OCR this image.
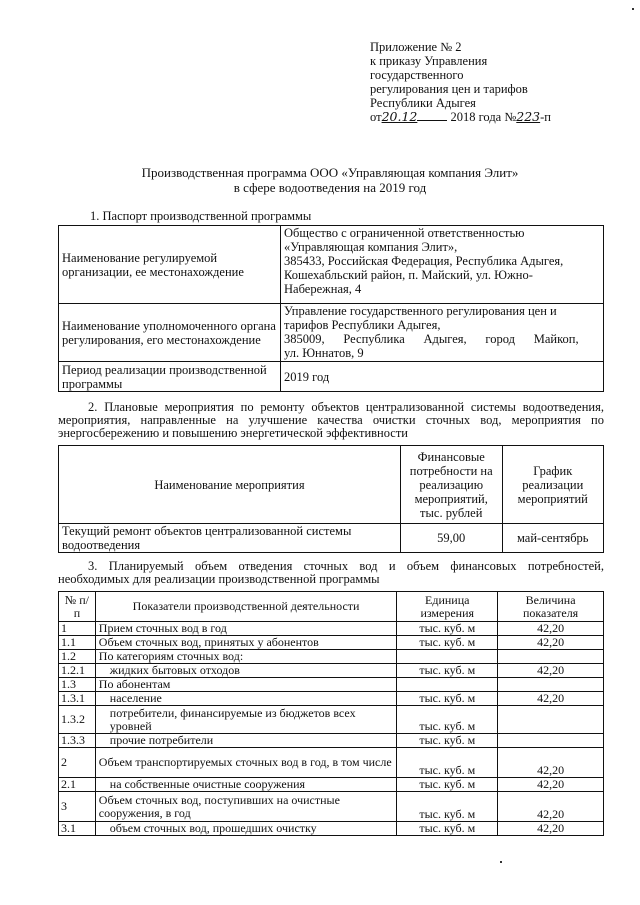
Приложение № 2
к приказу Управления
государственного
регулирования цен и тарифов
Республики Адыгея
от20.12	2018 года №223-п
Производственная программа ООО «Управляющая компания Элит»
в сфере водоотведения на 2019 год
1. Паспорт производственной программы
Наименование регулируемой организации, ее местонахождение	Общество с ограниченной ответственностью
«Управляющая компания Элит»,
385433, Российская Федерация, Республика Адыгея,
Кошехабльский район, п. Майский, ул. Южно-
Набережная, 4

Наименование уполномоченного органа регулирования, его местонахождение	Управление государственного регулирования цен и
тарифов Республики Адыгея,
385009,      Республика      Адыгея,      город      Майкоп,
ул. Юннатов, 9

Период реализации производственной программы	2019 год
2. Плановые мероприятия по ремонту объектов централизованной системы водоотведения, мероприятия, направленные на улучшение качества очистки сточных вод, мероприятия по энергосбережению и повышению энергетической эффективности
Наименование мероприятия	Финансовые потребности на реализацию мероприятий, тыс. рублей	График реализации мероприятий
Текущий ремонт объектов централизованной системы водоотведения	59,00	май-сентябрь
3. Планируемый объем отведения сточных вод и объем финансовых потребностей, необходимых для реализации производственной программы
№ п/п	Показатели производственной деятельности	Единица измерения	Величина показателя
1	Прием сточных вод в год	тыс. куб. м	42,20
1.1	Объем сточных вод, принятых у абонентов	тыс. куб. м	42,20
1.2	По категориям сточных вод:		
1.2.1	жидких бытовых отходов	тыс. куб. м	42,20
1.3	По абонентам		
1.3.1	население	тыс. куб. м	42,20
1.3.2	потребители, финансируемые из бюджетов всех уровней	тыс. куб. м	
1.3.3	прочие потребители	тыс. куб. м	
2	Объем транспортируемых сточных вод в год, в том числе	тыс. куб. м	42,20
2.1	на собственные очистные сооружения	тыс. куб. м	42,20
3	Объем сточных вод, поступивших на очистные сооружения, в год	тыс. куб. м	42,20
3.1	объем сточных вод, прошедших очистку	тыс. куб. м	42,20
